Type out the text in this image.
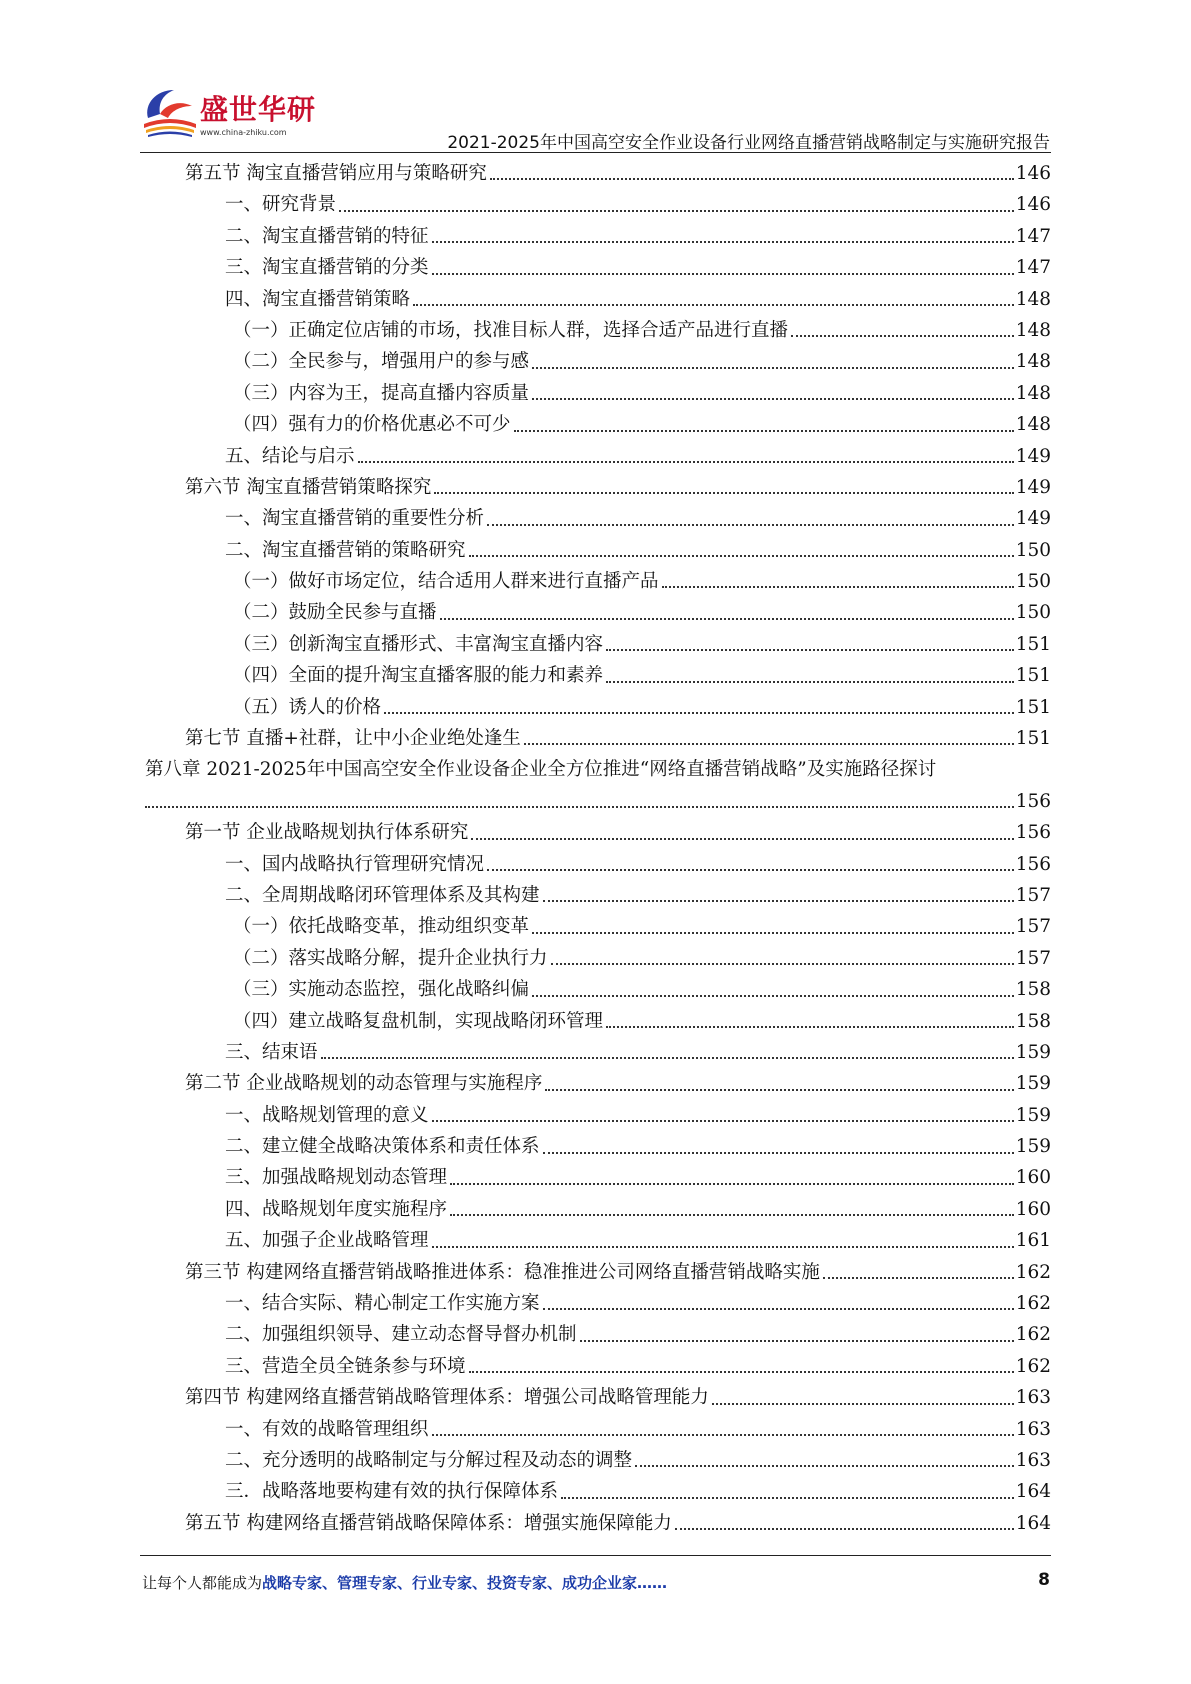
盛世华研
www.china-zhiku.com
2021-2025年中国高空安全作业设备行业网络直播营销战略制定与实施研究报告
第五节 淘宝直播营销应用与策略研究	146
一、研究背景	146
二、淘宝直播营销的特征	147
三、淘宝直播营销的分类	147
四、淘宝直播营销策略	148
（一）正确定位店铺的市场，找准目标人群，选择合适产品进行直播	148
（二）全民参与，增强用户的参与感	148
（三）内容为王，提高直播内容质量	148
（四）强有力的价格优惠必不可少	148
五、结论与启示	149
第六节 淘宝直播营销策略探究	149
一、淘宝直播营销的重要性分析	149
二、淘宝直播营销的策略研究	150
（一）做好市场定位，结合适用人群来进行直播产品	150
（二）鼓励全民参与直播	150
（三）创新淘宝直播形式、丰富淘宝直播内容	151
（四）全面的提升淘宝直播客服的能力和素养	151
（五）诱人的价格	151
第七节 直播+社群，让中小企业绝处逢生	151
第八章 2021-2025年中国高空安全作业设备企业全方位推进“网络直播营销战略”及实施路径探讨
156
第一节 企业战略规划执行体系研究	156
一、国内战略执行管理研究情况	156
二、全周期战略闭环管理体系及其构建	157
（一）依托战略变革，推动组织变革	157
（二）落实战略分解，提升企业执行力	157
（三）实施动态监控，强化战略纠偏	158
（四）建立战略复盘机制，实现战略闭环管理	158
三、结束语	159
第二节 企业战略规划的动态管理与实施程序	159
一、战略规划管理的意义	159
二、建立健全战略决策体系和责任体系	159
三、加强战略规划动态管理	160
四、战略规划年度实施程序	160
五、加强子企业战略管理	161
第三节 构建网络直播营销战略推进体系：稳准推进公司网络直播营销战略实施	162
一、结合实际、精心制定工作实施方案	162
二、加强组织领导、建立动态督导督办机制	162
三、营造全员全链条参与环境	162
第四节 构建网络直播营销战略管理体系：增强公司战略管理能力	163
一、有效的战略管理组织	163
二、充分透明的战略制定与分解过程及动态的调整	163
三．战略落地要构建有效的执行保障体系	164
第五节 构建网络直播营销战略保障体系：增强实施保障能力	164
让每个人都能成为战略专家、管理专家、行业专家、投资专家、成功企业家……	8
